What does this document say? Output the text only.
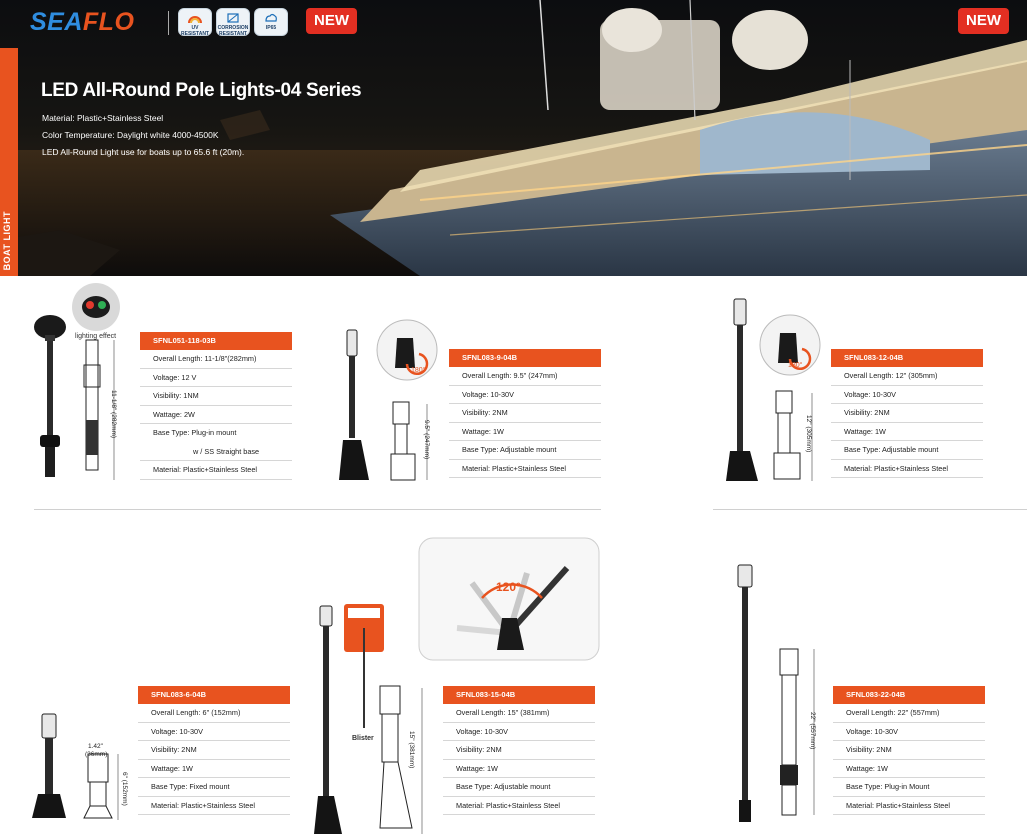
BOAT LIGHT
SEAFLO	UV RESISTANT
CORROSION RESISTANT
IP65	NEW	NEW
LED All-Round Pole Lights-04 Series
Material: Plastic+Stainless Steel
Color Temperature: Daylight white 4000-4500K
LED All-Round Light use for boats up to 65.6 ft (20m).
lighting effect
11-1/8" (282mm)
SFNL051-118-03B
Overall Length: 11-1/8"(282mm)
Voltage: 12 V
Visibility: 1NM
Wattage: 2W
Base Type: Plug-in mount
w / SS Straight base
Material: Plastic+Stainless Steel
180°
9.5" (247mm)
SFNL083-9-04B
Overall Length: 9.5" (247mm)
Voltage: 10-30V
Visibility: 2NM
Wattage: 1W
Base Type: Adjustable mount
Material: Plastic+Stainless Steel
180°
12" (305mm)
SFNL083-12-04B
Overall Length: 12" (305mm)
Voltage: 10-30V
Visibility: 2NM
Wattage: 1W
Base Type: Adjustable mount
Material: Plastic+Stainless Steel
1.42"
(36mm)
6" (152mm)
SFNL083-6-04B
Overall Length: 6" (152mm)
Voltage: 10-30V
Visibility: 2NM
Wattage: 1W
Base Type: Fixed mount
Material: Plastic+Stainless Steel
120°
Blister	15" (381mm)
SFNL083-15-04B
Overall Length: 15" (381mm)
Voltage: 10-30V
Visibility: 2NM
Wattage: 1W
Base Type: Adjustable mount
Material: Plastic+Stainless Steel
22" (557mm)
SFNL083-22-04B
Overall Length: 22" (557mm)
Voltage: 10-30V
Visibility: 2NM
Wattage: 1W
Base Type: Plug-in Mount
Material: Plastic+Stainless Steel
